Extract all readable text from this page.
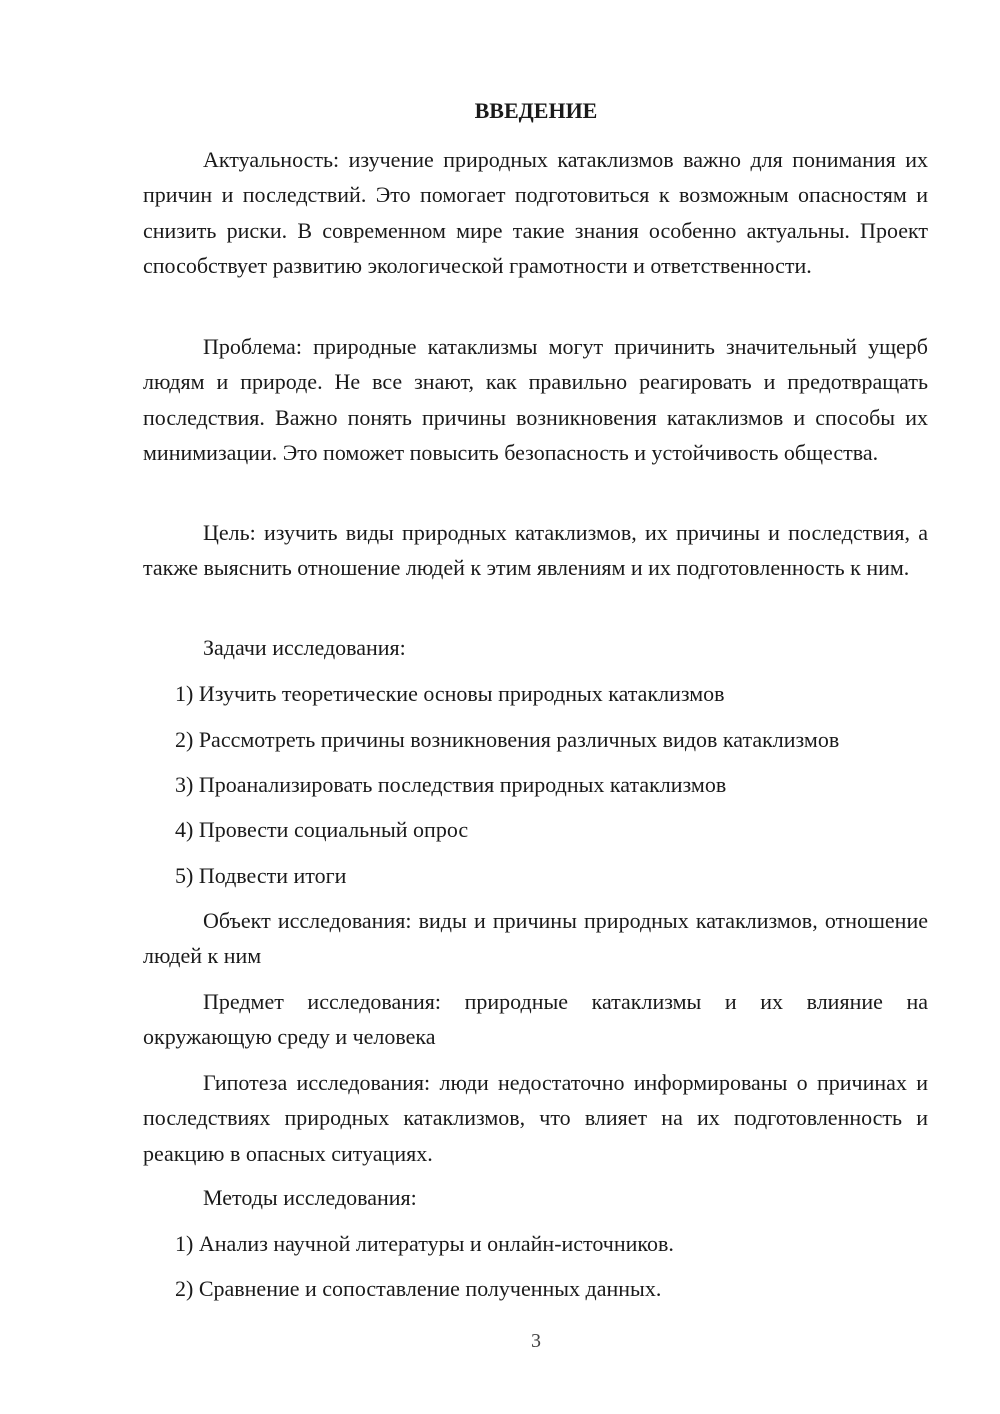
ВВЕДЕНИЕ

Актуальность: изучение природных катаклизмов важно для понимания их причин и последствий. Это помогает подготовиться к возможным опасностям и снизить риски. В современном мире такие знания особенно актуальны. Проект способствует развитию экологической грамотности и ответственности.

Проблема: природные катаклизмы могут причинить значительный ущерб людям и природе. Не все знают, как правильно реагировать и предотвращать последствия. Важно понять причины возникновения катаклизмов и способы их минимизации. Это поможет повысить безопасность и устойчивость общества.

Цель: изучить виды природных катаклизмов, их причины и последствия, а также выяснить отношение людей к этим явлениям и их подготовленность к ним.

Задачи исследования:

1) Изучить теоретические основы природных катаклизмов

2) Рассмотреть причины возникновения различных видов катаклизмов

3) Проанализировать последствия природных катаклизмов

4) Провести социальный опрос

5) Подвести итоги

Объект исследования: виды и причины природных катаклизмов, отношение людей к ним

Предмет исследования: природные катаклизмы и их влияние на окружающую среду и человека

Гипотеза исследования: люди недостаточно информированы о причинах и последствиях природных катаклизмов, что влияет на их подготовленность и реакцию в опасных ситуациях.

Методы исследования:

1) Анализ научной литературы и онлайн-источников.

2) Сравнение и сопоставление полученных данных.

3
